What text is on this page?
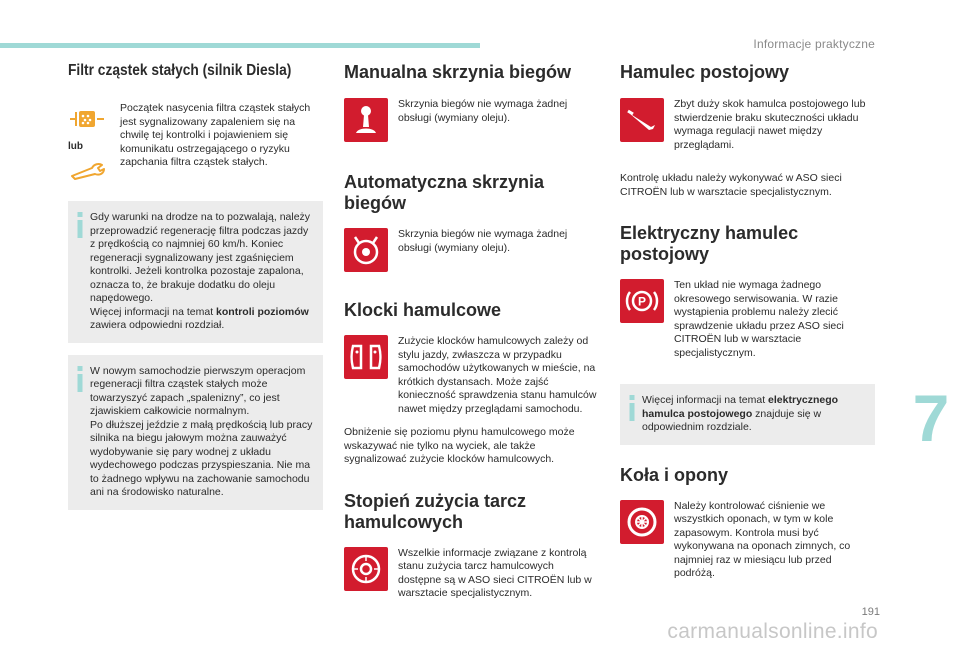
Informacje praktyczne
Filtr cząstek stałych (silnik Diesla)
lub
Początek nasycenia filtra cząstek stałych jest sygnalizowany zapaleniem się na chwilę tej kontrolki i pojawieniem się komunikatu ostrzegającego o ryzyku zapchania filtra cząstek stałych.
Gdy warunki na drodze na to pozwalają, należy przeprowadzić regenerację filtra podczas jazdy z prędkością co najmniej 60 km/h. Koniec regeneracji sygnalizowany jest zgaśnięciem kontrolki. Jeżeli kontrolka pozostaje zapalona, oznacza to, że brakuje dodatku do oleju napędowego.
Więcej informacji na temat kontroli poziomów zawiera odpowiedni rozdział.
W nowym samochodzie pierwszym operacjom regeneracji filtra cząstek stałych może towarzyszyć zapach „spalenizny”, co jest zjawiskiem całkowicie normalnym.
Po dłuższej jeździe z małą prędkością lub pracy silnika na biegu jałowym można zauważyć wydobywanie się pary wodnej z układu wydechowego podczas przyspieszania. Nie ma to żadnego wpływu na zachowanie samochodu ani na środowisko naturalne.
Manualna skrzynia biegów
Skrzynia biegów nie wymaga żadnej obsługi (wymiany oleju).
Automatyczna skrzynia biegów
Skrzynia biegów nie wymaga żadnej obsługi (wymiany oleju).
Klocki hamulcowe
Zużycie klocków hamulcowych zależy od stylu jazdy, zwłaszcza w przypadku samochodów użytkowanych w mieście, na krótkich dystansach. Może zajść konieczność sprawdzenia stanu hamulców nawet między przeglądami samochodu.
Obniżenie się poziomu płynu hamulcowego może wskazywać nie tylko na wyciek, ale także sygnalizować zużycie klocków hamulcowych.
Stopień zużycia tarcz hamulcowych
Wszelkie informacje związane z kontrolą stanu zużycia tarcz hamulcowych dostępne są w ASO sieci CITROËN lub w warsztacie specjalistycznym.
Hamulec postojowy
Zbyt duży skok hamulca postojowego lub stwierdzenie braku skuteczności układu wymaga regulacji nawet między przeglądami.
Kontrolę układu należy wykonywać w ASO sieci CITROËN lub w warsztacie specjalistycznym.
Elektryczny hamulec postojowy
P
Ten układ nie wymaga żadnego okresowego serwisowania. W razie wystąpienia problemu należy zlecić sprawdzenie układu przez ASO sieci CITROËN lub w warsztacie specjalistycznym.
Więcej informacji na temat elektrycznego hamulca postojowego znajduje się w odpowiednim rozdziale.
Koła i opony
Należy kontrolować ciśnienie we wszystkich oponach, w tym w kole zapasowym. Kontrola musi być wykonywana na oponach zimnych, co najmniej raz w miesiącu lub przed podróżą.
7
191
carmanualsonline.info
